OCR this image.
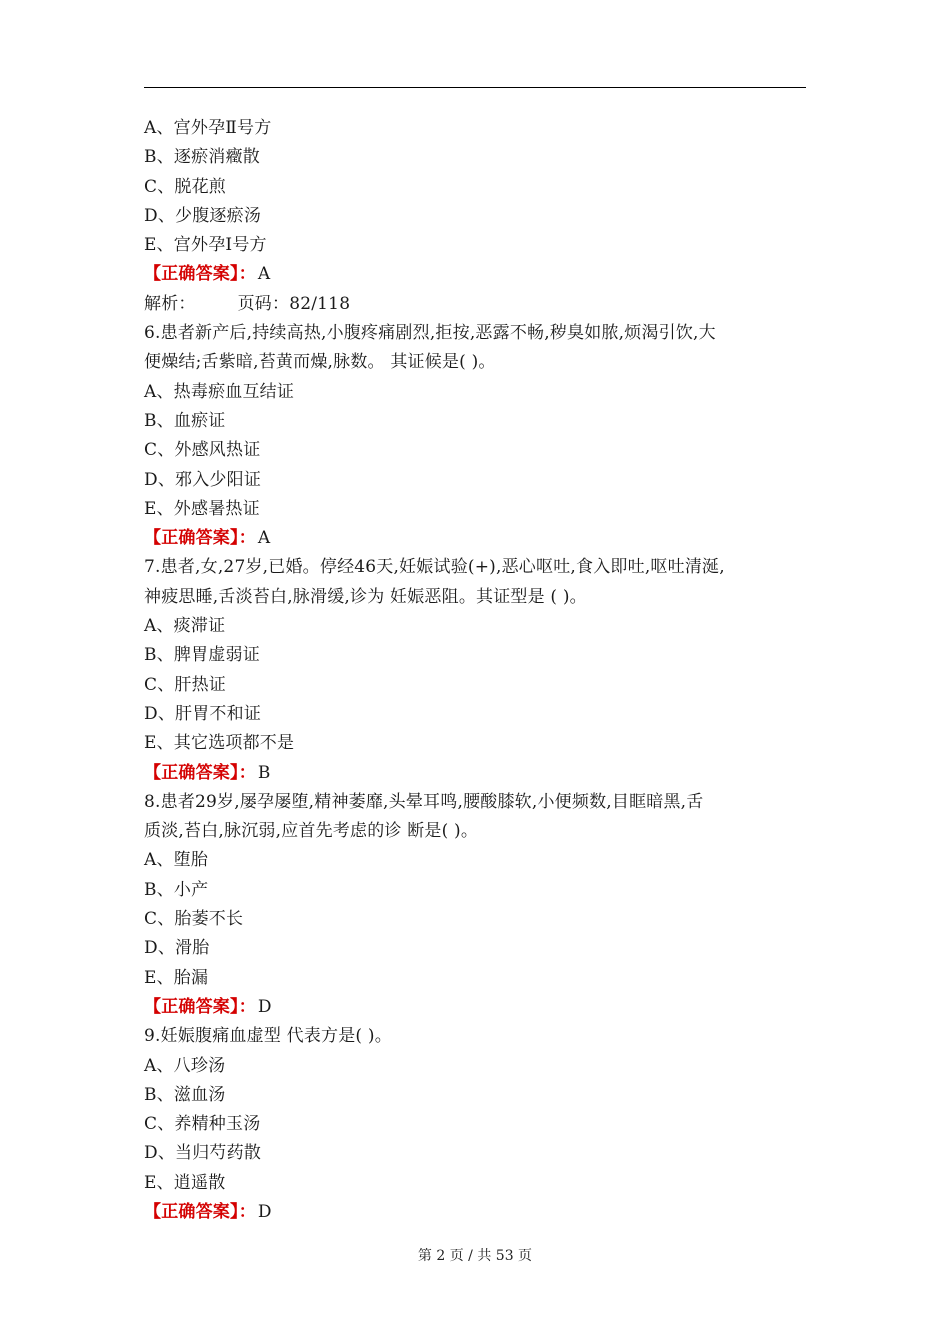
A、宫外孕Ⅱ号方
B、逐瘀消癥散
C、脱花煎
D、少腹逐瘀汤
E、宫外孕Ⅰ号方
【正确答案】： A
解析： 页码：82/118
6.患者新产后,持续高热,小腹疼痛剧烈,拒按,恶露不畅,秽臭如脓,烦渴引饮,大
便燥结;舌紫暗,苔黄而燥,脉数。 其证候是( )。
A、热毒瘀血互结证
B、血瘀证
C、外感风热证
D、邪入少阳证
E、外感暑热证
【正确答案】： A
7.患者,女,27岁,已婚。停经46天,妊娠试验(+),恶心呕吐,食入即吐,呕吐清涎,
神疲思睡,舌淡苔白,脉滑缓,诊为 妊娠恶阻。其证型是 ( )。
A、痰滞证
B、脾胃虚弱证
C、肝热证
D、肝胃不和证
E、其它选项都不是
【正确答案】： B
8.患者29岁,屡孕屡堕,精神萎靡,头晕耳鸣,腰酸膝软,小便频数,目眶暗黑,舌
质淡,苔白,脉沉弱,应首先考虑的诊 断是( )。
A、堕胎
B、小产
C、胎萎不长
D、滑胎
E、胎漏
【正确答案】： D
9.妊娠腹痛血虚型 代表方是( )。
A、八珍汤
B、滋血汤
C、养精种玉汤
D、当归芍药散
E、逍遥散
【正确答案】： D
第 2 页 / 共 53 页
